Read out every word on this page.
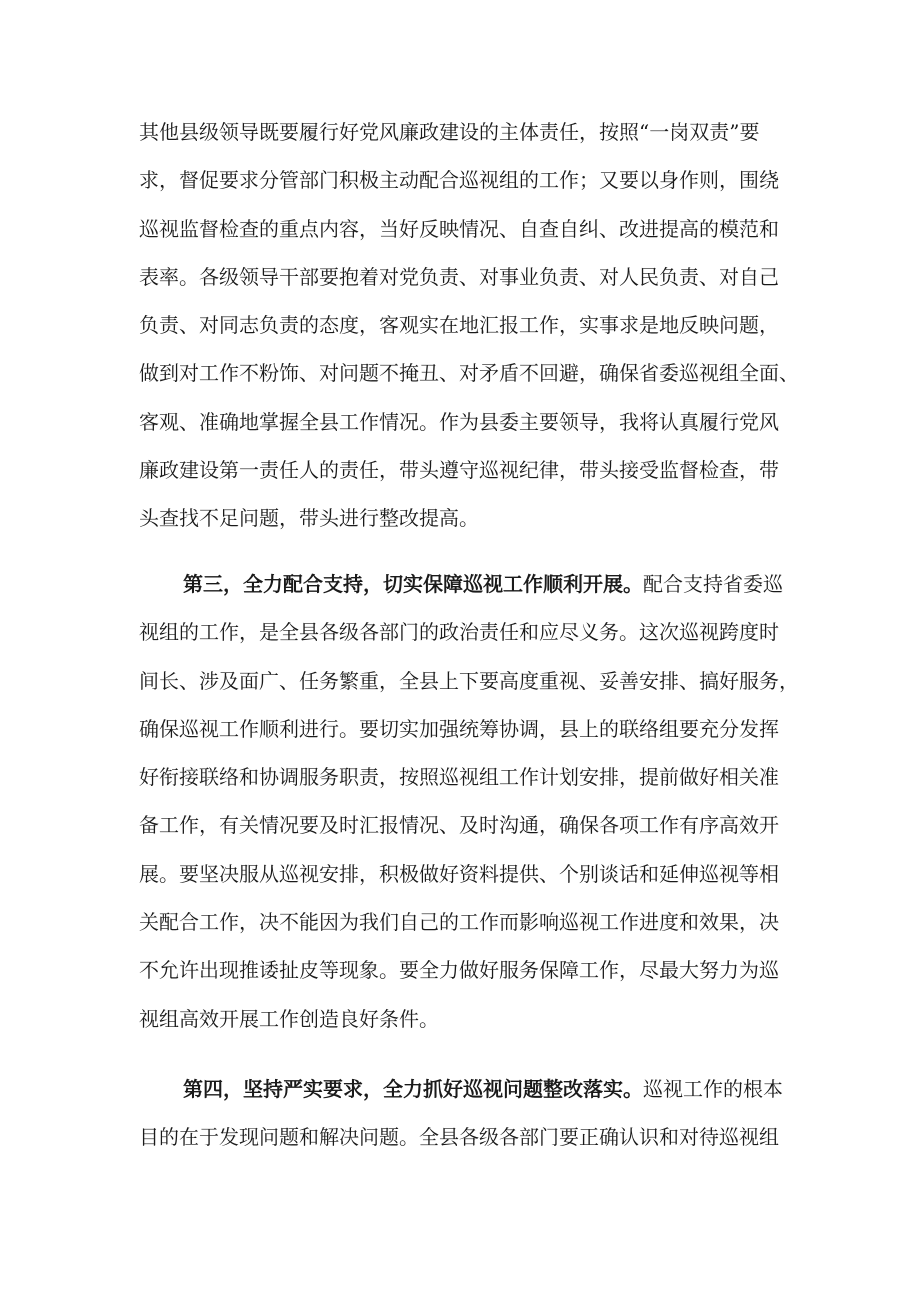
其他县级领导既要履行好党风廉政建设的主体责任，按照“一岗双责”要
求，督促要求分管部门积极主动配合巡视组的工作；又要以身作则，围绕
巡视监督检查的重点内容，当好反映情况、自查自纠、改进提高的模范和
表率。各级领导干部要抱着对党负责、对事业负责、对人民负责、对自己
负责、对同志负责的态度，客观实在地汇报工作，实事求是地反映问题，
做到对工作不粉饰、对问题不掩丑、对矛盾不回避，确保省委巡视组全面、
客观、准确地掌握全县工作情况。作为县委主要领导，我将认真履行党风
廉政建设第一责任人的责任，带头遵守巡视纪律，带头接受监督检查，带
头查找不足问题，带头进行整改提高。
第三，全力配合支持，切实保障巡视工作顺利开展。配合支持省委巡
视组的工作，是全县各级各部门的政治责任和应尽义务。这次巡视跨度时
间长、涉及面广、任务繁重，全县上下要高度重视、妥善安排、搞好服务，
确保巡视工作顺利进行。要切实加强统筹协调，县上的联络组要充分发挥
好衔接联络和协调服务职责，按照巡视组工作计划安排，提前做好相关准
备工作，有关情况要及时汇报情况、及时沟通，确保各项工作有序高效开
展。要坚决服从巡视安排，积极做好资料提供、个别谈话和延伸巡视等相
关配合工作，决不能因为我们自己的工作而影响巡视工作进度和效果，决
不允许出现推诿扯皮等现象。要全力做好服务保障工作，尽最大努力为巡
视组高效开展工作创造良好条件。
第四，坚持严实要求，全力抓好巡视问题整改落实。巡视工作的根本
目的在于发现问题和解决问题。全县各级各部门要正确认识和对待巡视组
